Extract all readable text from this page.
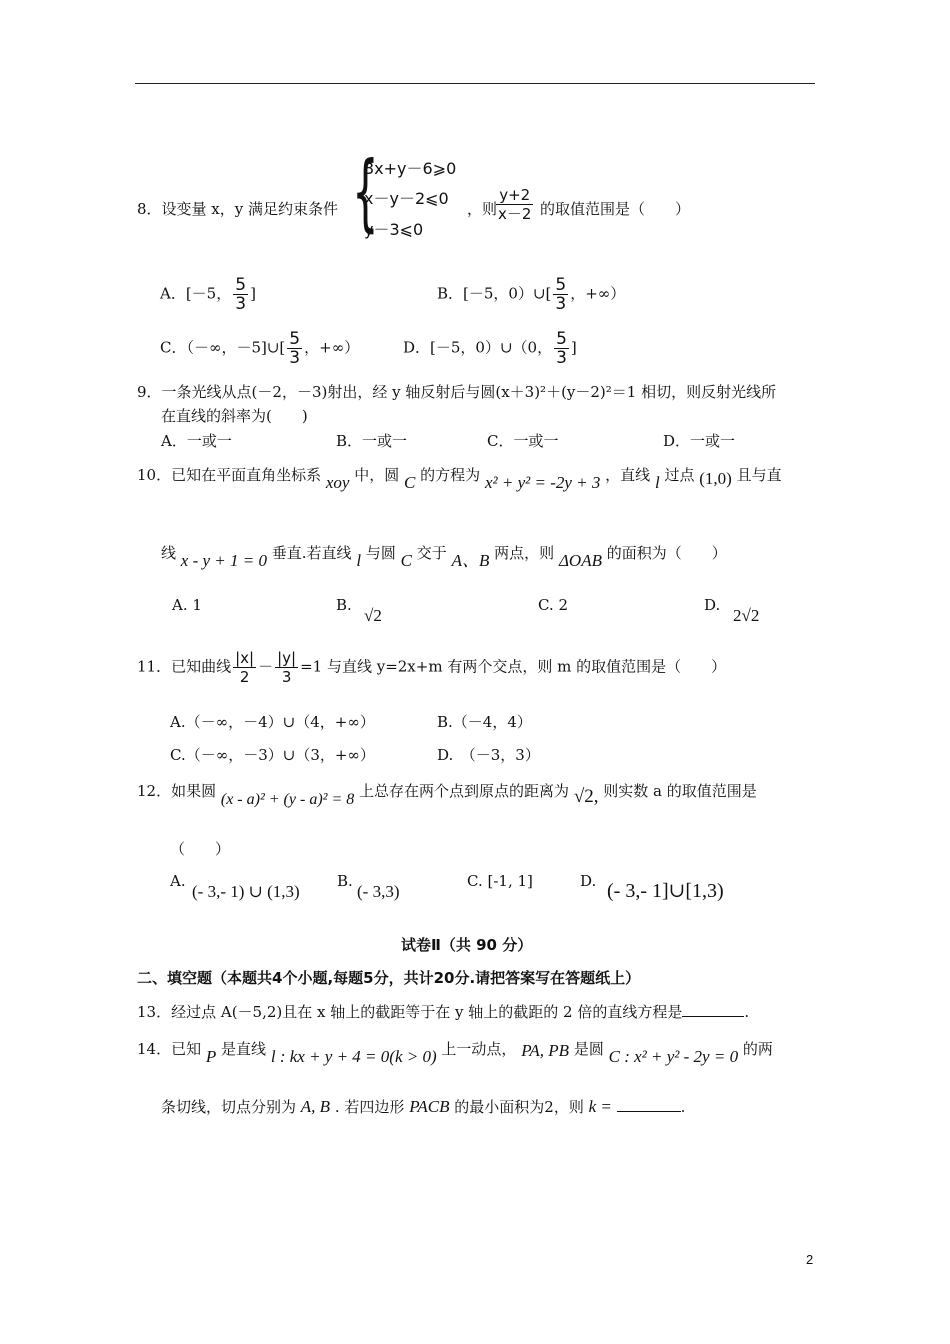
8．设变量 x，y 满足约束条件 {
3x+y－6⩾0
x－y－2⩽0
y－3⩽0
，则
$\frac{y+2}{x-2}$ 的取值范围是（　　）
A．[－5， $\frac{5}{3}$ ]	B．[－5，0）∪[ $\frac{5}{3}$ ，+∞）
C．（－∞，－5]∪[ $\frac{5}{3}$ ，+∞）	D．[－5，0）∪（0， $\frac{5}{3}$ ]
9．一条光线从点(－2，－3)射出，经 y 轴反射后与圆(x＋3)²＋(y－2)²＝1 相切，则反射光线所
在直线的斜率为(　　)
A．一或一	B．一或一	C．一或一	D．一或一
10．已知在平面直角坐标系 xoy 中，圆 C 的方程为 x² + y² = -2y + 3 ，直线 l 过点 (1,0) 且与直
线 x - y + 1 = 0 垂直.若直线 l 与圆 C 交于 A、B 两点，则 ΔOAB 的面积为（　　）
A. 1	B.
√2
C. 2	D.
2√2
11．已知曲线 $\frac{|x|}{2} - \frac{|y|}{3} =1$ 与直线 y=2x+m 有两个交点，则 m 的取值范围是（　　）
A.（－∞，－4）∪（4，+∞）	B.（－4，4）
C.（－∞，－3）∪（3，+∞）	D.　（－3，3）
12．如果圆 (x - a)² + (y - a)² = 8 上总存在两个点到原点的距离为 √2, 则实数 a 的取值范围是
（　　）
A.
(- 3,- 1) ∪ (1,3)
B.
(- 3,3)
C. [-1, 1]	D. (- 3,- 1]∪[1,3)
试卷Ⅱ（共 90 分）
二、填空题（本题共4个小题,每题5分，共计20分.请把答案写在答题纸上）
13．经过点 A(－5,2)且在 x 轴上的截距等于在 y 轴上的截距的 2 倍的直线方程是	.
14．已知 P 是直线 l : kx + y + 4 = 0(k > 0) 上一动点， PA, PB 是圆 C : x² + y² - 2y = 0 的两
条切线，切点分别为 A, B . 若四边形 PACB 的最小面积为2，则 k =	.
2
